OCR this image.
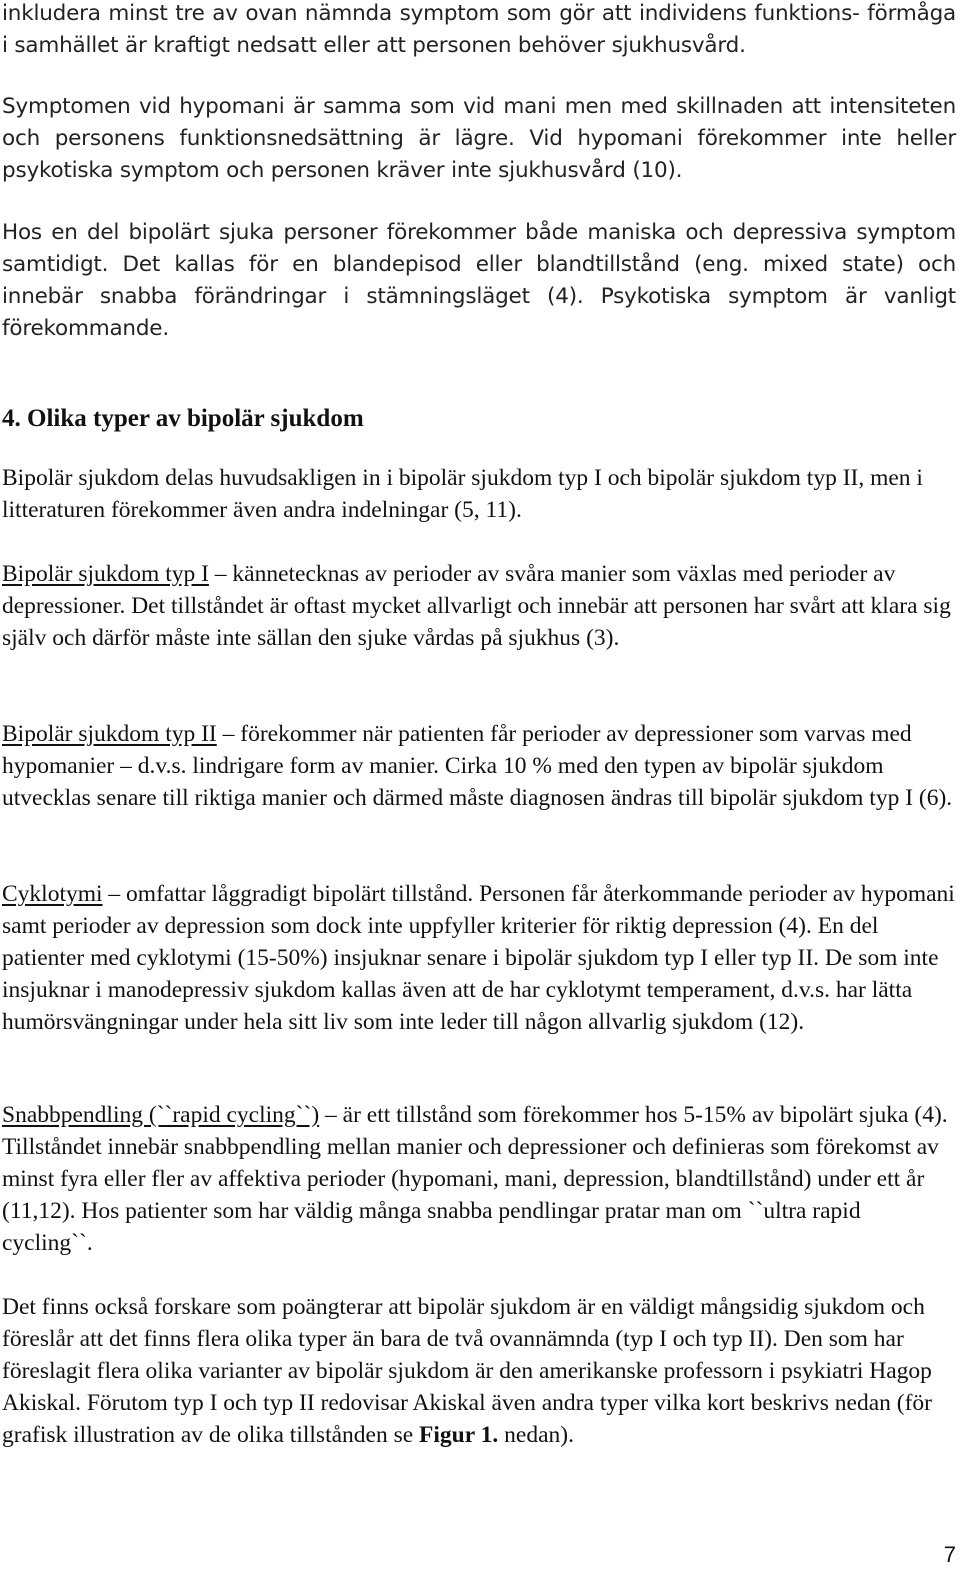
inkludera minst tre av ovan nämnda symptom som gör att individens funktions- förmåga i samhället är kraftigt nedsatt eller att personen behöver sjukhusvård.

Symptomen vid hypomani är samma som vid mani men med skillnaden att intensiteten och personens funktionsnedsättning är lägre. Vid hypomani förekommer inte heller psykotiska symptom och personen kräver inte sjukhusvård (10).

Hos en del bipolärt sjuka personer förekommer både maniska och depressiva symptom samtidigt. Det kallas för en blandepisod eller blandtillstånd (eng. mixed state) och innebär snabba förändringar i stämningsläget (4). Psykotiska symptom är vanligt förekommande.

4. Olika typer av bipolär sjukdom

Bipolär sjukdom delas huvudsakligen in i bipolär sjukdom typ I och bipolär sjukdom typ II, men i litteraturen förekommer även andra indelningar (5, 11).

Bipolär sjukdom typ I – kännetecknas av perioder av svåra manier som växlas med perioder av depressioner. Det tillståndet är oftast mycket allvarligt och innebär att personen har svårt att klara sig själv och därför måste inte sällan den sjuke vårdas på sjukhus (3).

Bipolär sjukdom typ II – förekommer när patienten får perioder av depressioner som varvas med hypomanier – d.v.s. lindrigare form av manier. Cirka 10 % med den typen av bipolär sjukdom utvecklas senare till riktiga manier och därmed måste diagnosen ändras till bipolär sjukdom typ I (6).

Cyklotymi – omfattar låggradigt bipolärt tillstånd. Personen får återkommande perioder av hypomani samt perioder av depression som dock inte uppfyller kriterier för riktig depression (4). En del patienter med cyklotymi (15-50%) insjuknar senare i bipolär sjukdom typ I eller typ II. De som inte insjuknar i manodepressiv sjukdom kallas även att de har cyklotymt temperament, d.v.s. har lätta humörsvängningar under hela sitt liv som inte leder till någon allvarlig sjukdom (12).

Snabbpendling (``rapid cycling``) – är ett tillstånd som förekommer hos 5-15% av bipolärt sjuka (4). Tillståndet innebär snabbpendling mellan manier och depressioner och definieras som förekomst av minst fyra eller fler av affektiva perioder (hypomani, mani, depression, blandtillstånd) under ett år (11,12). Hos patienter som har väldig många snabba pendlingar pratar man om ``ultra rapid cycling``.

Det finns också forskare som poängterar att bipolär sjukdom är en väldigt mångsidig sjukdom och föreslår att det finns flera olika typer än bara de två ovannämnda (typ I och typ II). Den som har föreslagit flera olika varianter av bipolär sjukdom är den amerikanske professorn i psykiatri Hagop Akiskal. Förutom typ I och typ II redovisar Akiskal även andra typer vilka kort beskrivs nedan (för grafisk illustration av de olika tillstånden se Figur 1. nedan).

7
